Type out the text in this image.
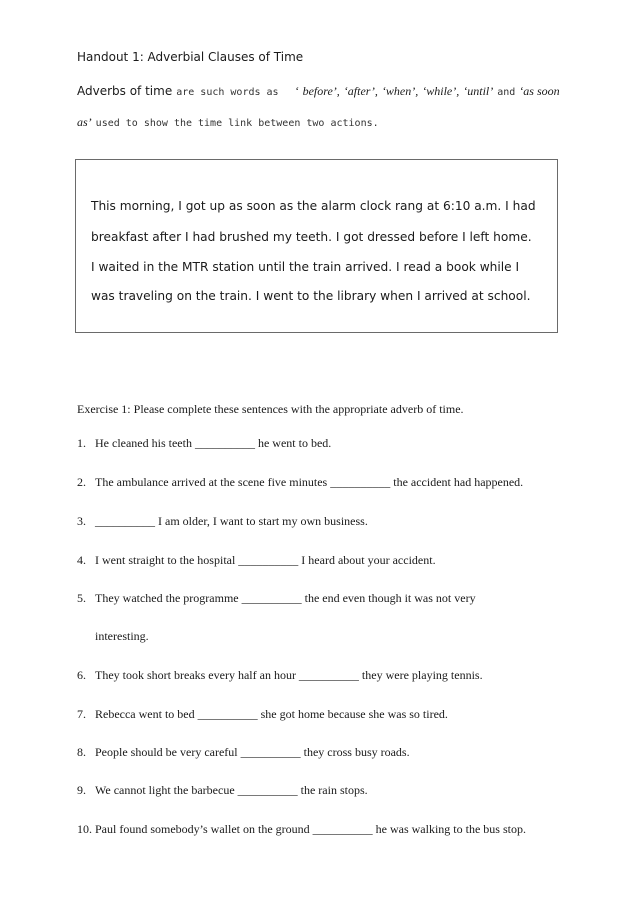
Handout 1: Adverbial Clauses of Time
Adverbs of time are such words as ‘ before’, ‘after’, ‘when’, ‘while’, ‘until’ and ‘as soon
as’ used to show the time link between two actions.
This morning, I got up as soon as the alarm clock rang at 6:10 a.m. I had
breakfast after I had brushed my teeth. I got dressed before I left home.
I waited in the MTR station until the train arrived. I read a book while I
was traveling on the train. I went to the library when I arrived at school.
Exercise 1: Please complete these sentences with the appropriate adverb of time.
1. He cleaned his teeth __________ he went to bed.
2. The ambulance arrived at the scene five minutes __________ the accident had happened.
3. __________ I am older, I want to start my own business.
4. I went straight to the hospital __________ I heard about your accident.
5. They watched the programme __________ the end even though it was not very
interesting.
6. They took short breaks every half an hour __________ they were playing tennis.
7. Rebecca went to bed __________ she got home because she was so tired.
8. People should be very careful __________ they cross busy roads.
9. We cannot light the barbecue __________ the rain stops.
10. Paul found somebody’s wallet on the ground __________ he was walking to the bus stop.
